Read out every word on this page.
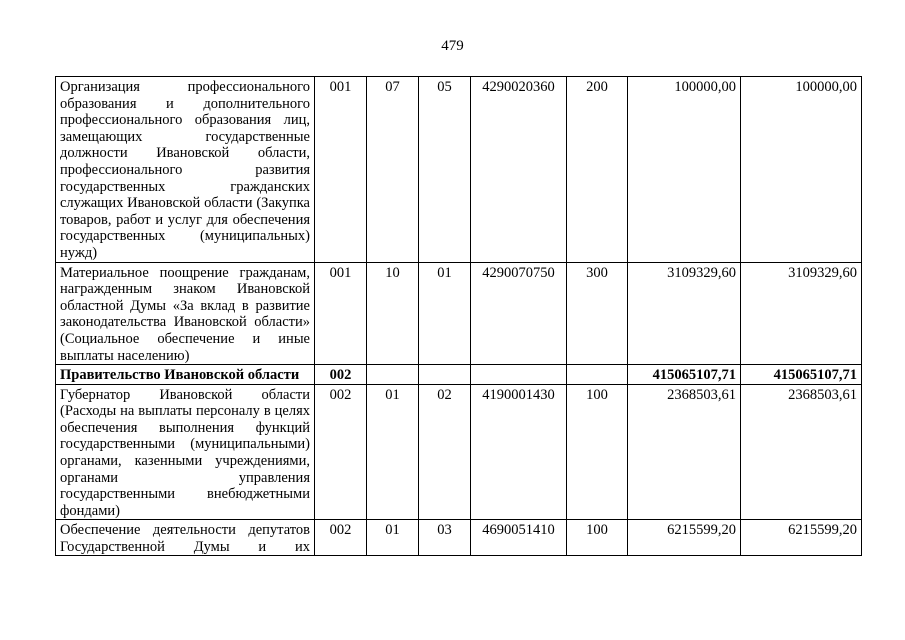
479
Организация профессионального образования и дополнительного профессионального образования лиц, замещающих государственные должности Ивановской области, профессионального развития государственных гражданских служащих Ивановской области (Закупка товаров, работ и услуг для обеспечения государственных (муниципальных) нужд)	001	07	05	4290020360	200	100000,00	100000,00
Материальное поощрение гражданам, награжденным знаком Ивановской областной Думы «За вклад в развитие законодательства Ивановской области» (Социальное обеспечение и иные выплаты населению)	001	10	01	4290070750	300	3109329,60	3109329,60
Правительство Ивановской области	002					415065107,71	415065107,71
Губернатор Ивановской области (Расходы на выплаты персоналу в целях обеспечения выполнения функций государственными (муниципальными) органами, казенными учреждениями, органами управления государственными внебюджетными фондами)	002	01	02	4190001430	100	2368503,61	2368503,61

Обеспечение деятельности депутатов Государственной Думы и их	002	01	03	4690051410	100	6215599,20	6215599,20
